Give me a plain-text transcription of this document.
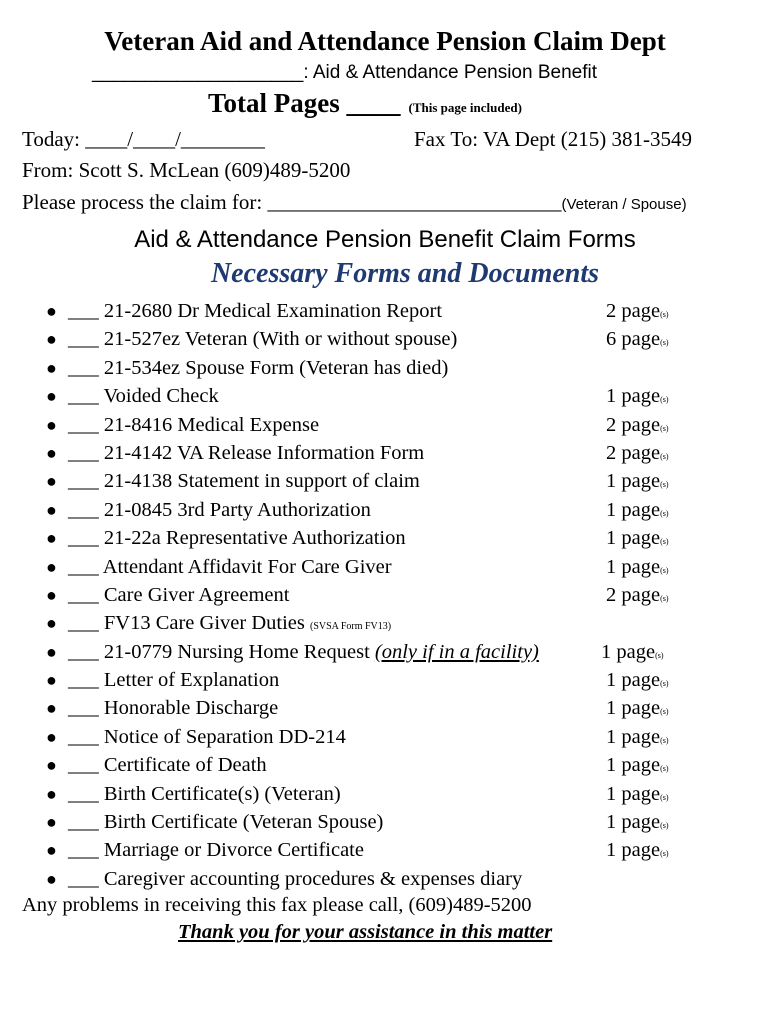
Veteran Aid and Attendance Pension Claim Dept
____________________: Aid & Attendance Pension Benefit
Total Pages ____ (This page included)
Today: ____/____/________	Fax To: VA Dept (215) 381-3549
From: Scott S. McLean (609)489-5200
Please process the claim for: ____________________________(Veteran / Spouse)
Aid & Attendance Pension Benefit Claim Forms
Necessary Forms and Documents
● ___ 21-2680 Dr Medical Examination Report	2 page(s)
● ___ 21-527ez Veteran (With or without spouse)	6 page(s)
● ___ 21-534ez Spouse Form (Veteran has died)
● ___ Voided Check	1 page(s)
● ___ 21-8416 Medical Expense	2 page(s)
● ___ 21-4142 VA Release Information Form	2 page(s)
● ___ 21-4138 Statement in support of claim	1 page(s)
● ___ 21-0845 3rd Party Authorization	1 page(s)
● ___ 21-22a Representative Authorization	1 page(s)
● ___ Attendant Affidavit For Care Giver	1 page(s)
● ___ Care Giver Agreement	2 page(s)
● ___ FV13 Care Giver Duties (SVSA Form FV13)
● ___ 21-0779 Nursing Home Request (only if in a facility)	1 page(s)
● ___ Letter of Explanation	1 page(s)
● ___ Honorable Discharge	1 page(s)
● ___ Notice of Separation DD-214	1 page(s)
● ___ Certificate of Death	1 page(s)
● ___ Birth Certificate(s) (Veteran)	1 page(s)
● ___ Birth Certificate (Veteran Spouse)	1 page(s)
● ___ Marriage or Divorce Certificate	1 page(s)
● ___ Caregiver accounting procedures & expenses diary
Any problems in receiving this fax please call, (609)489-5200
Thank you for your assistance in this matter
